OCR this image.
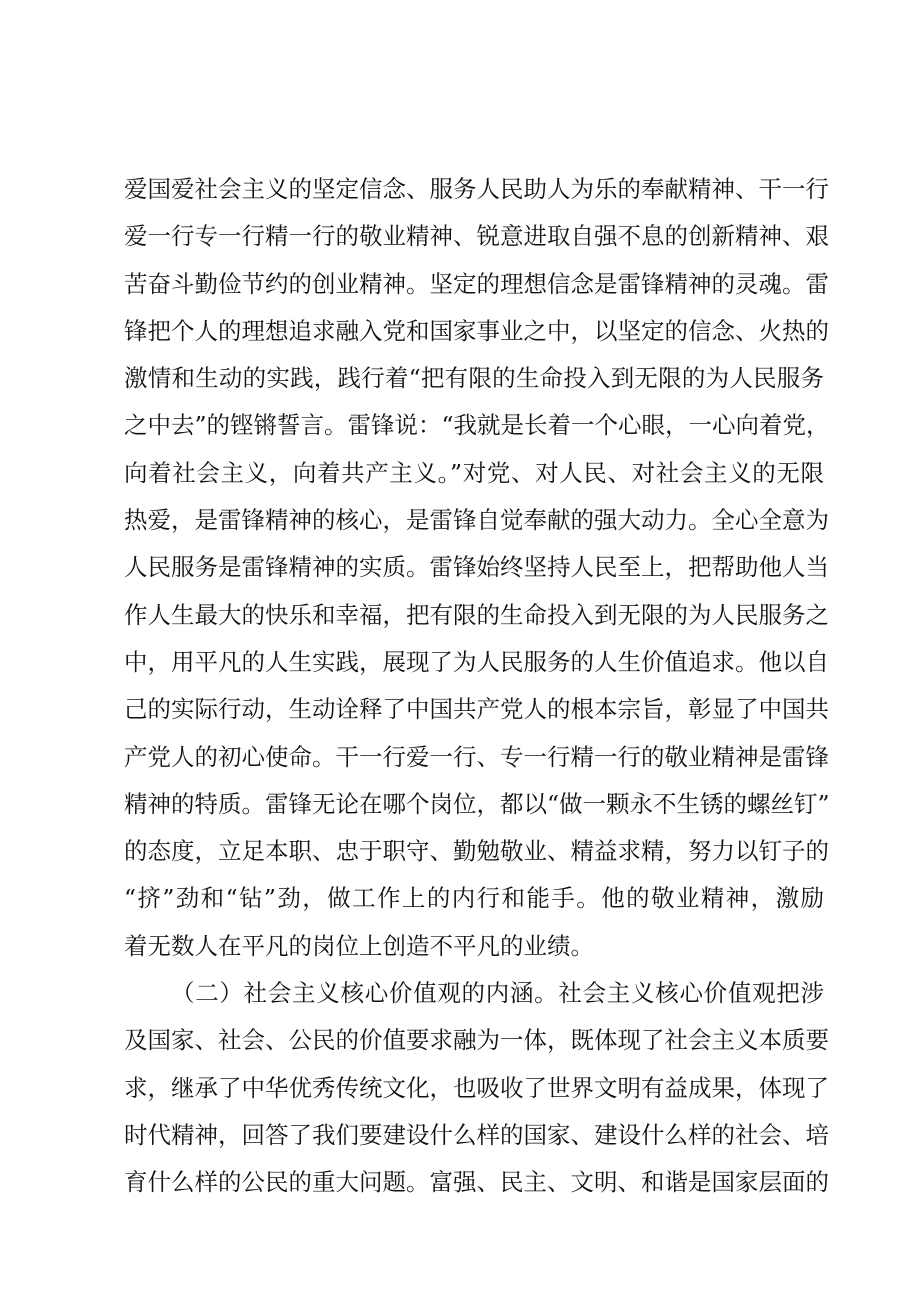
爱国爱社会主义的坚定信念、服务人民助人为乐的奉献精神、干一行
爱一行专一行精一行的敬业精神、锐意进取自强不息的创新精神、艰
苦奋斗勤俭节约的创业精神。坚定的理想信念是雷锋精神的灵魂。雷
锋把个人的理想追求融入党和国家事业之中，以坚定的信念、火热的
激情和生动的实践，践行着“把有限的生命投入到无限的为人民服务
之中去”的铿锵誓言。雷锋说：“我就是长着一个心眼，一心向着党，
向着社会主义，向着共产主义。”对党、对人民、对社会主义的无限
热爱，是雷锋精神的核心，是雷锋自觉奉献的强大动力。全心全意为
人民服务是雷锋精神的实质。雷锋始终坚持人民至上，把帮助他人当
作人生最大的快乐和幸福，把有限的生命投入到无限的为人民服务之
中，用平凡的人生实践，展现了为人民服务的人生价值追求。他以自
己的实际行动，生动诠释了中国共产党人的根本宗旨，彰显了中国共
产党人的初心使命。干一行爱一行、专一行精一行的敬业精神是雷锋
精神的特质。雷锋无论在哪个岗位，都以“做一颗永不生锈的螺丝钉”
的态度，立足本职、忠于职守、勤勉敬业、精益求精，努力以钉子的
“挤”劲和“钻”劲，做工作上的内行和能手。他的敬业精神，激励
着无数人在平凡的岗位上创造不平凡的业绩。
（二）社会主义核心价值观的内涵。社会主义核心价值观把涉
及国家、社会、公民的价值要求融为一体，既体现了社会主义本质要
求，继承了中华优秀传统文化，也吸收了世界文明有益成果，体现了
时代精神，回答了我们要建设什么样的国家、建设什么样的社会、培
育什么样的公民的重大问题。富强、民主、文明、和谐是国家层面的
